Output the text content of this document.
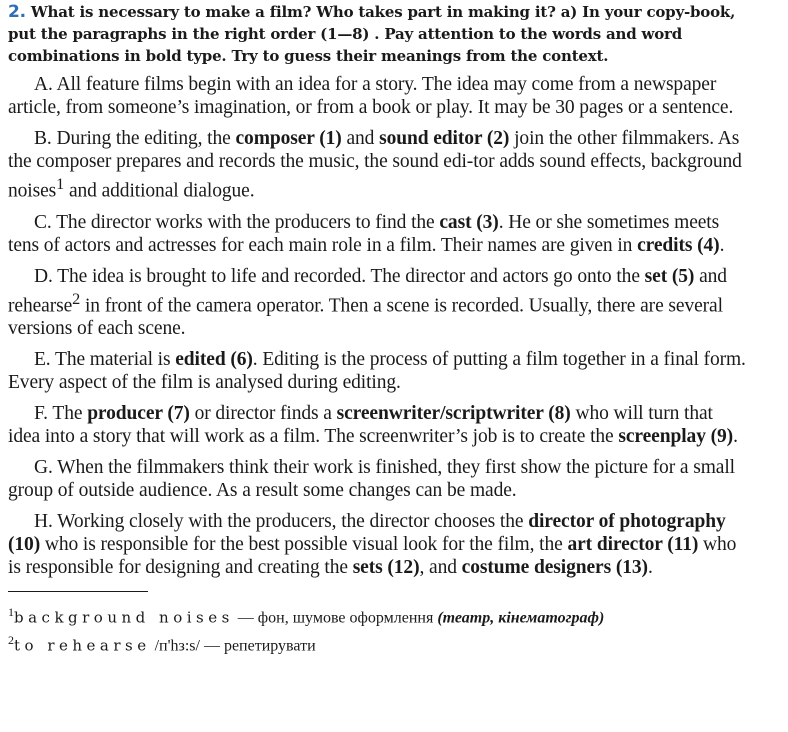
2. What is necessary to make a film? Who takes part in making it? a) In your copy-book, put the paragraphs in the right order (1—8) . Pay attention to the words and word combinations in bold type. Try to guess their meanings from the context.

A. All feature films begin with an idea for a story. The idea may come from a newspaper article, from someone’s imagination, or from a book or play. It may be 30 pages or a sentence.

B. During the editing, the composer (1) and sound editor (2) join the other filmmakers. As the composer prepares and records the music, the sound edi-tor adds sound effects, background noises$^1$ and additional dialogue.

C. The director works with the producers to find the cast (3). He or she sometimes meets tens of actors and actresses for each main role in a film. Their names are given in credits (4).

D. The idea is brought to life and recorded. The director and actors go onto the set (5) and rehearse$^2$ in front of the camera operator. Then a scene is recorded. Usually, there are several versions of each scene.

E. The material is edited (6). Editing is the process of putting a film together in a final form. Every aspect of the film is analysed during editing.

F. The producer (7) or director finds a screenwriter/scriptwriter (8) who will turn that idea into a story that will work as a film. The screenwriter’s job is to create the screenplay (9).

G. When the filmmakers think their work is finished, they first show the picture for a small group of outside audience. As a result some changes can be made.

H. Working closely with the producers, the director chooses the director of photography (10) who is responsible for the best possible visual look for the film, the art director (11) who is responsible for designing and creating the sets (12), and costume designers (13).

$^1$background noises — фон, шумове оформлення (театр, кінематограф)

$^2$to rehearse /п'hз:s/ — репетирувати
